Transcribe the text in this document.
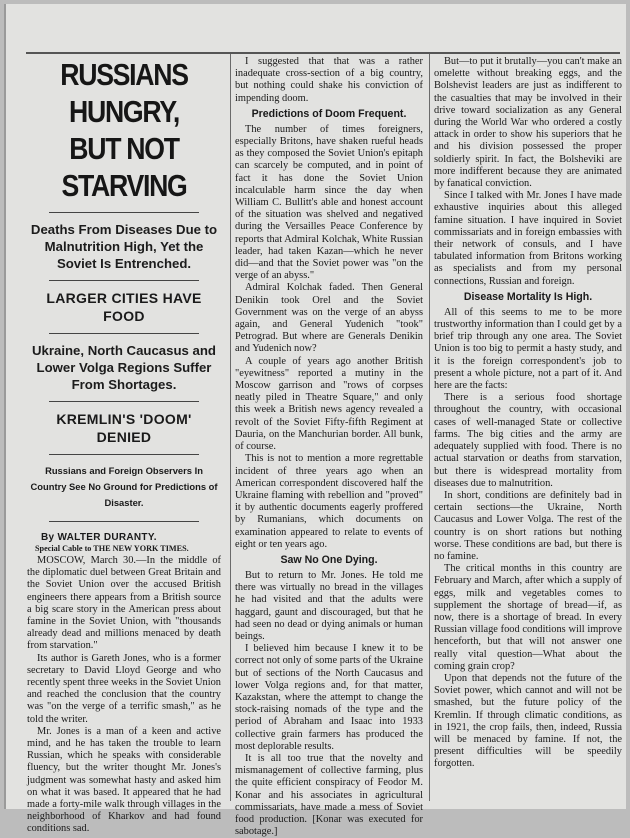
RUSSIANS HUNGRY,
BUT NOT STARVING
Deaths From Diseases Due to Malnutrition High, Yet the Soviet Is Entrenched.
LARGER CITIES HAVE FOOD
Ukraine, North Caucasus and Lower Volga Regions Suffer From Shortages.
KREMLIN'S 'DOOM' DENIED
Russians and Foreign Observers In Country See No Ground for Predictions of Disaster.
By WALTER DURANTY.
Special Cable to THE NEW YORK TIMES.

MOSCOW, March 30.—In the middle of the diplomatic duel between Great Britain and the Soviet Union over the accused British engineers there appears from a British source a big scare story in the American press about famine in the Soviet Union, with "thousands already dead and millions menaced by death from starvation."

Its author is Gareth Jones, who is a former secretary to David Lloyd George and who recently spent three weeks in the Soviet Union and reached the conclusion that the country was "on the verge of a terrific smash," as he told the writer.

Mr. Jones is a man of a keen and active mind, and he has taken the trouble to learn Russian, which he speaks with considerable fluency, but the writer thought Mr. Jones's judgment was somewhat hasty and asked him on what it was based. It appeared that he had made a forty-mile walk through villages in the neighborhood of Kharkov and had found conditions sad.

I suggested that that was a rather inadequate cross-section of a big country, but nothing could shake his conviction of impending doom.

Predictions of Doom Frequent.

The number of times foreigners, especially Britons, have shaken rueful heads as they composed the Soviet Union's epitaph can scarcely be computed, and in point of fact it has done the Soviet Union incalculable harm since the day when William C. Bullitt's able and honest account of the situation was shelved and negatived during the Versailles Peace Conference by reports that Admiral Kolchak, White Russian leader, had taken Kazan—which he never did—and that the Soviet power was "on the verge of an abyss."

Admiral Kolchak faded. Then General Denikin took Orel and the Soviet Government was on the verge of an abyss again, and General Yudenich "took" Petrograd. But where are Generals Denikin and Yudenich now?

A couple of years ago another British "eyewitness" reported a mutiny in the Moscow garrison and "rows of corpses neatly piled in Theatre Square," and only this week a British news agency revealed a revolt of the Soviet Fifty-fifth Regiment at Dauria, on the Manchurian border. All bunk, of course.

This is not to mention a more regrettable incident of three years ago when an American correspondent discovered half the Ukraine flaming with rebellion and "proved" it by authentic documents eagerly proffered by Rumanians, which documents on examination appeared to relate to events of eight or ten years ago.

Saw No One Dying.

But to return to Mr. Jones. He told me there was virtually no bread in the villages he had visited and that the adults were haggard, gaunt and discouraged, but that he had seen no dead or dying animals or human beings.

I believed him because I knew it to be correct not only of some parts of the Ukraine but of sections of the North Caucasus and lower Volga regions and, for that matter, Kazakstan, where the attempt to change the stock-raising nomads of the type and the period of Abraham and Isaac into 1933 collective grain farmers has produced the most deplorable results.

It is all too true that the novelty and mismanagement of collective farming, plus the quite efficient conspiracy of Feodor M. Konar and his associates in agricultural commissariats, have made a mess of Soviet food production. [Konar was executed for sabotage.]

But—to put it brutally—you can't make an omelette without breaking eggs, and the Bolshevist leaders are just as indifferent to the casualties that may be involved in their drive toward socialization as any General during the World War who ordered a costly attack in order to show his superiors that he and his division possessed the proper soldierly spirit. In fact, the Bolsheviki are more indifferent because they are animated by fanatical conviction.

Since I talked with Mr. Jones I have made exhaustive inquiries about this alleged famine situation. I have inquired in Soviet commissariats and in foreign embassies with their network of consuls, and I have tabulated information from Britons working as specialists and from my personal connections, Russian and foreign.

Disease Mortality Is High.

All of this seems to me to be more trustworthy information than I could get by a brief trip through any one area. The Soviet Union is too big to permit a hasty study, and it is the foreign correspondent's job to present a whole picture, not a part of it. And here are the facts:

There is a serious food shortage throughout the country, with occasional cases of well-managed State or collective farms. The big cities and the army are adequately supplied with food. There is no actual starvation or deaths from starvation, but there is widespread mortality from diseases due to malnutrition.

In short, conditions are definitely bad in certain sections—the Ukraine, North Caucasus and Lower Volga. The rest of the country is on short rations but nothing worse. These conditions are bad, but there is no famine.

The critical months in this country are February and March, after which a supply of eggs, milk and vegetables comes to supplement the shortage of bread—if, as now, there is a shortage of bread. In every Russian village food conditions will improve henceforth, but that will not answer one really vital question—What about the coming grain crop?

Upon that depends not the future of the Soviet power, which cannot and will not be smashed, but the future policy of the Kremlin. If through climatic conditions, as in 1921, the crop fails, then, indeed, Russia will be menaced by famine. If not, the present difficulties will be speedily forgotten.
